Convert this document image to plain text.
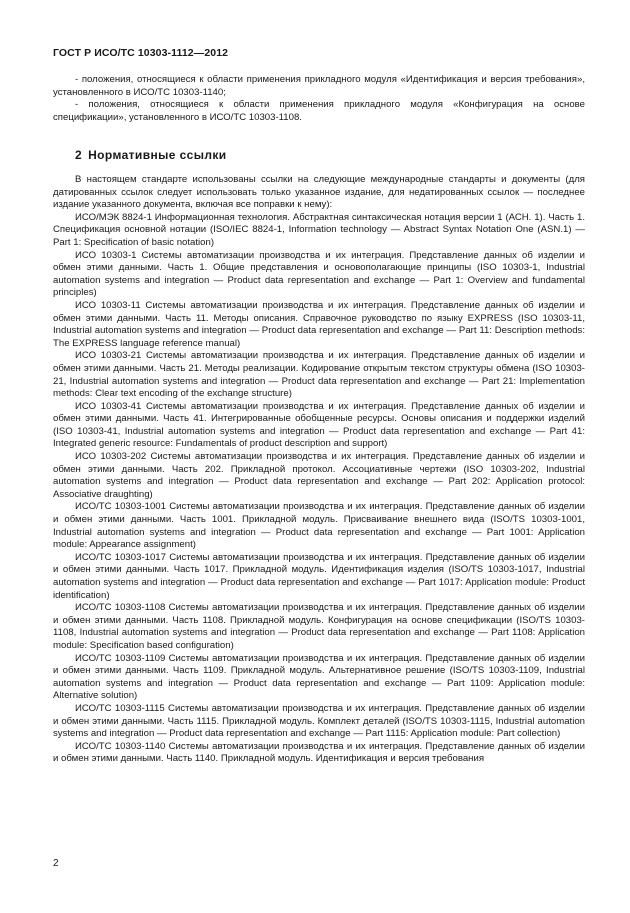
ГОСТ Р ИСО/ТС 10303-1112—2012

- положения, относящиеся к области применения прикладного модуля «Идентификация и версия требования», установленного в ИСО/ТС 10303-1140;

- положения, относящиеся к области применения прикладного модуля «Конфигурация на основе спецификации», установленного в ИСО/ТС 10303-1108.

2 Нормативные ссылки

В настоящем стандарте использованы ссылки на следующие международные стандарты и документы (для датированных ссылок следует использовать только указанное издание, для недатированных ссылок — последнее издание указанного документа, включая все поправки к нему):

ИСО/МЭК 8824-1 Информационная технология. Абстрактная синтаксическая нотация версии 1 (АСН. 1). Часть 1. Спецификация основной нотации (ISO/IEC 8824-1, Information technology — Abstract Syntax Notation One (ASN.1) — Part 1: Specification of basic notation)

ИСО 10303-1 Системы автоматизации производства и их интеграция. Представление данных об изделии и обмен этими данными. Часть 1. Общие представления и основополагающие принципы (ISO 10303-1, Industrial automation systems and integration — Product data representation and exchange — Part 1: Overview and fundamental principles)

ИСО 10303-11 Системы автоматизации производства и их интеграция. Представление данных об изделии и обмен этими данными. Часть 11. Методы описания. Справочное руководство по языку EXPRESS (ISO 10303-11, Industrial automation systems and integration — Product data representation and exchange — Part 11: Description methods: The EXPRESS language reference manual)

ИСО 10303-21 Системы автоматизации производства и их интеграция. Представление данных об изделии и обмен этими данными. Часть 21. Методы реализации. Кодирование открытым текстом структуры обмена (ISO 10303-21, Industrial automation systems and integration — Product data representation and exchange — Part 21: Implementation methods: Clear text encoding of the exchange structure)

ИСО 10303-41 Системы автоматизации производства и их интеграция. Представление данных об изделии и обмен этими данными. Часть 41. Интегрированные обобщенные ресурсы. Основы описания и поддержки изделий (ISO 10303-41, Industrial automation systems and integration — Product data representation and exchange — Part 41: Integrated generic resource: Fundamentals of product description and support)

ИСО 10303-202 Системы автоматизации производства и их интеграция. Представление данных об изделии и обмен этими данными. Часть 202. Прикладной протокол. Ассоциативные чертежи (ISO 10303-202, Industrial automation systems and integration — Product data representation and exchange — Part 202: Application protocol: Associative draughting)

ИСО/ТС 10303-1001 Системы автоматизации производства и их интеграция. Представление данных об изделии и обмен этими данными. Часть 1001. Прикладной модуль. Присваивание внешнего вида (ISO/TS 10303-1001, Industrial automation systems and integration — Product data representation and exchange — Part 1001: Application module: Appearance assignment)

ИСО/ТС 10303-1017 Системы автоматизации производства и их интеграция. Представление данных об изделии и обмен этими данными. Часть 1017. Прикладной модуль. Идентификация изделия (ISO/TS 10303-1017, Industrial automation systems and integration — Product data representation and exchange — Part 1017: Application module: Product identification)

ИСО/ТС 10303-1108 Системы автоматизации производства и их интеграция. Представление данных об изделии и обмен этими данными. Часть 1108. Прикладной модуль. Конфигурация на основе спецификации (ISO/TS 10303-1108, Industrial automation systems and integration — Product data representation and exchange — Part 1108: Application module: Specification based configuration)

ИСО/ТС 10303-1109 Системы автоматизации производства и их интеграция. Представление данных об изделии и обмен этими данными. Часть 1109. Прикладной модуль. Альтернативное решение (ISO/TS 10303-1109, Industrial automation systems and integration — Product data representation and exchange — Part 1109: Application module: Alternative solution)

ИСО/ТС 10303-1115 Системы автоматизации производства и их интеграция. Представление данных об изделии и обмен этими данными. Часть 1115. Прикладной модуль. Комплект деталей (ISO/TS 10303-1115, Industrial automation systems and integration — Product data representation and exchange — Part 1115: Application module: Part collection)

ИСО/ТС 10303-1140 Системы автоматизации производства и их интеграция. Представление данных об изделии и обмен этими данными. Часть 1140. Прикладной модуль. Идентификация и версия требования

2
